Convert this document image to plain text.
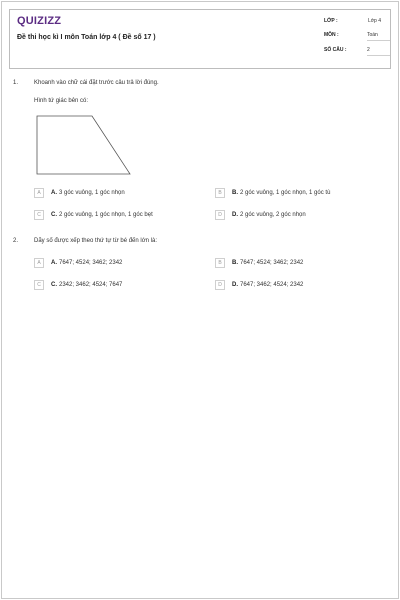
QUIZIZZ
Đề thi học kì I môn Toán lớp 4 ( Đề số 17 )
LỚP :	Lớp 4
MÔN :	Toán
SỐ CÂU :	2
1.	Khoanh vào chữ cái đặt trước câu trả lời đúng.
Hình tứ giác bên có:
A	A. 3 góc vuông, 1 góc nhọn	B	B. 2 góc vuông, 1 góc nhọn, 1 góc tù
C	C. 2 góc vuông, 1 góc nhọn, 1 góc bẹt	D	D. 2 góc vuông, 2 góc nhọn
2.	Dãy số được xếp theo thứ tự từ bé đến lớn là:
A	A. 7647; 4524; 3462; 2342	B	B. 7647; 4524; 3462; 2342
C	C. 2342; 3462; 4524; 7647	D	D. 7647; 3462; 4524; 2342
